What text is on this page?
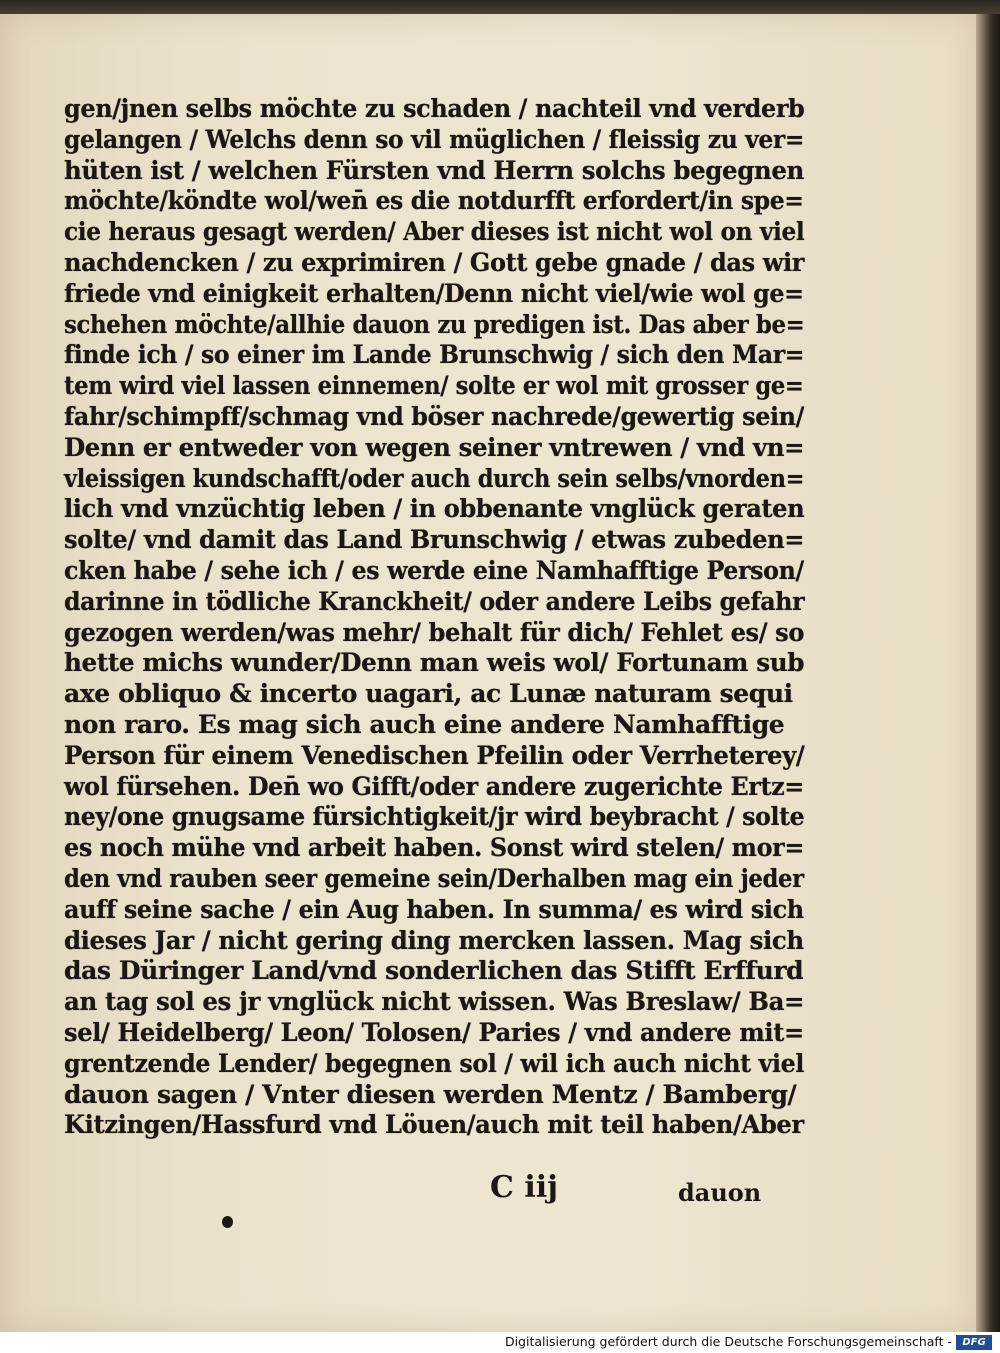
gen/jnen selbs möchte zu schaden / nachteil vnd verderb
gelangen / Welchs denn so vil müglichen / fleissig zu ver=
hüten ist / welchen Fürsten vnd Herrn solchs begegnen
möchte/köndte wol/wen̄ es die notdurfft erfordert/in spe=
cie heraus gesagt werden/ Aber dieses ist nicht wol on viel
nachdencken / zu exprimiren / Gott gebe gnade / das wir
friede vnd einigkeit erhalten/Denn nicht viel/wie wol ge=
schehen möchte/allhie dauon zu predigen ist. Das aber be=
finde ich / so einer im Lande Brunschwig / sich den Mar=
tem wird viel lassen einnemen/ solte er wol mit grosser ge=
fahr/schimpff/schmag vnd böser nachrede/gewertig sein/
Denn er entweder von wegen seiner vntrewen / vnd vn=
vleissigen kundschafft/oder auch durch sein selbs/vnorden=
lich vnd vnzüchtig leben / in obbenante vnglück geraten
solte/ vnd damit das Land Brunschwig / etwas zubeden=
cken habe / sehe ich / es werde eine Namhafftige Person/
darinne in tödliche Kranckheit/ oder andere Leibs gefahr
gezogen werden/was mehr/ behalt für dich/ Fehlet es/ so
hette michs wunder/Denn man weis wol/ Fortunam sub
axe obliquo & incerto uagari, ac Lunæ naturam sequi
non raro. Es mag sich auch eine andere Namhafftige
Person für einem Venedischen Pfeilin oder Verrheterey/
wol fürsehen. Den̄ wo Gifft/oder andere zugerichte Ertz=
ney/one gnugsame fürsichtigkeit/jr wird beybracht / solte
es noch mühe vnd arbeit haben. Sonst wird stelen/ mor=
den vnd rauben seer gemeine sein/Derhalben mag ein jeder
auff seine sache / ein Aug haben. In summa/ es wird sich
dieses Jar / nicht gering ding mercken lassen. Mag sich
das Düringer Land/vnd sonderlichen das Stifft Erffurd
an tag sol es jr vnglück nicht wissen. Was Breslaw/ Ba=
sel/ Heidelberg/ Leon/ Tolosen/ Paries / vnd andere mit=
grentzende Lender/ begegnen sol / wil ich auch nicht viel
dauon sagen / Vnter diesen werden Mentz / Bamberg/
Kitzingen/Hassfurd vnd Löuen/auch mit teil haben/Aber
C iij	dauon
Digitalisierung gefördert durch die Deutsche Forschungsgemeinschaft -	DFG
